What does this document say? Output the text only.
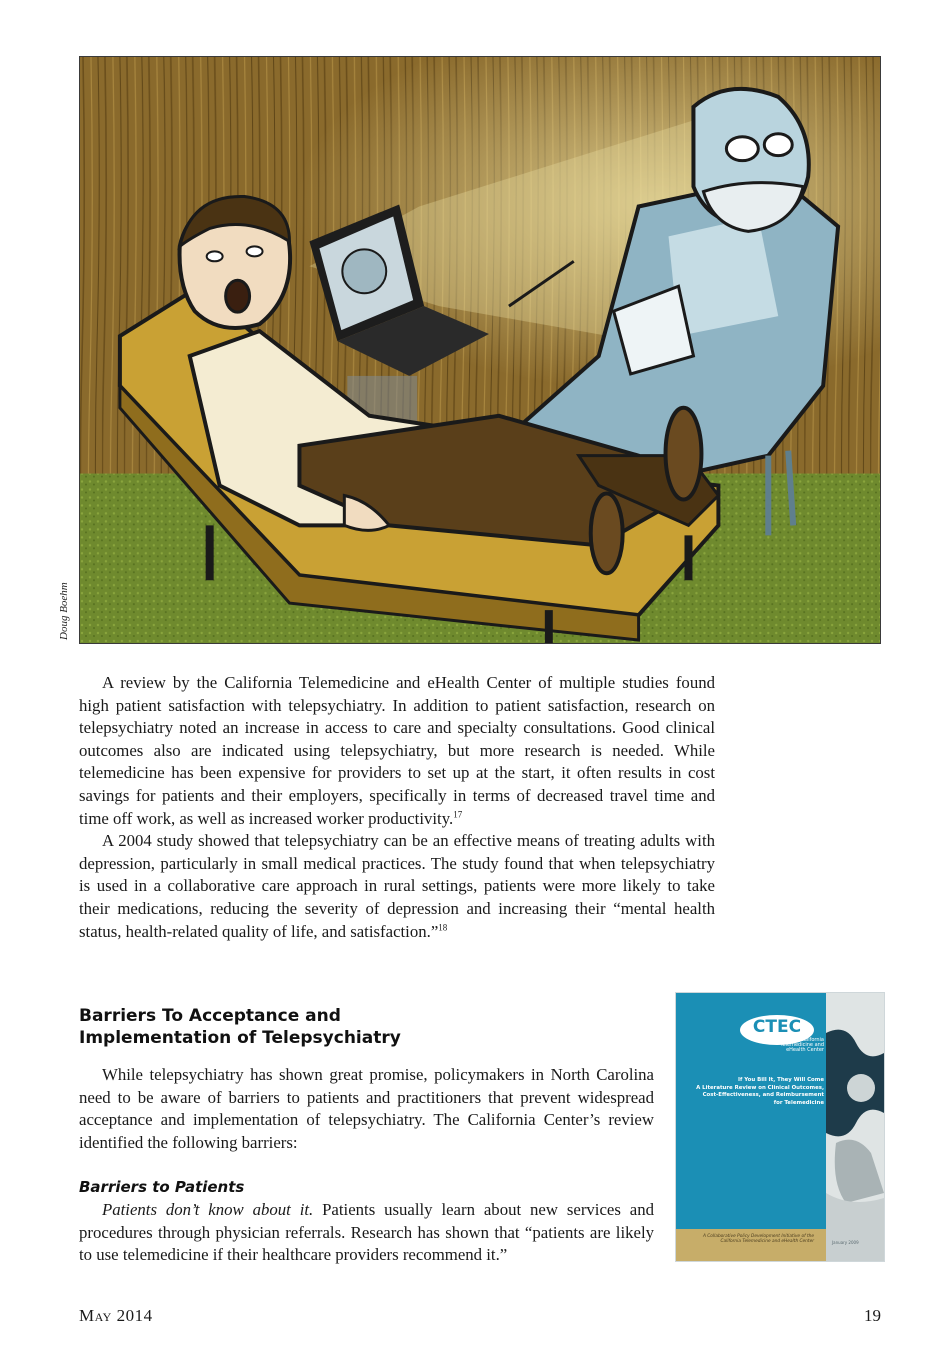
Doug Boehm

A review by the California Telemedicine and eHealth Center of multiple studies found high patient satisfaction with telepsychiatry. In addition to patient satisfaction, research on telepsychiatry noted an increase in access to care and specialty consultations. Good clinical outcomes also are indicated using telepsychiatry, but more research is needed. While telemedicine has been expensive for providers to set up at the start, it often results in cost savings for patients and their employers, specifically in terms of decreased travel time and time off work, as well as increased worker productivity.$^{17}$

A 2004 study showed that telepsychiatry can be an effective means of treating adults with depression, particularly in small medical practices. The study found that when telepsychiatry is used in a collaborative care approach in rural settings, patients were more likely to take their medications, reducing the severity of depression and increasing their “mental health status, health-related quality of life, and satisfaction.”$^{18}$

Barriers To Acceptance and
Implementation of Telepsychiatry

While telepsychiatry has shown great promise, policymakers in North Carolina need to be aware of barriers to patients and practitioners that prevent widespread acceptance and implementation of telepsychiatry. The California Center’s review identified the following barriers:

Barriers to Patients

Patients don’t know about it. Patients usually learn about new services and procedures through physician referrals. Research has shown that “patients are likely to use telemedicine if their healthcare providers recommend it.”

CTEC
California Telemedicine and eHealth Center
If You Bill It, They Will Come
A Literature Review on Clinical Outcomes,
Cost-Effectiveness, and Reimbursement
for Telemedicine
A Collaborative Policy Development Initiative of the California Telemedicine and eHealth Center	January 2009
May 2014	19
